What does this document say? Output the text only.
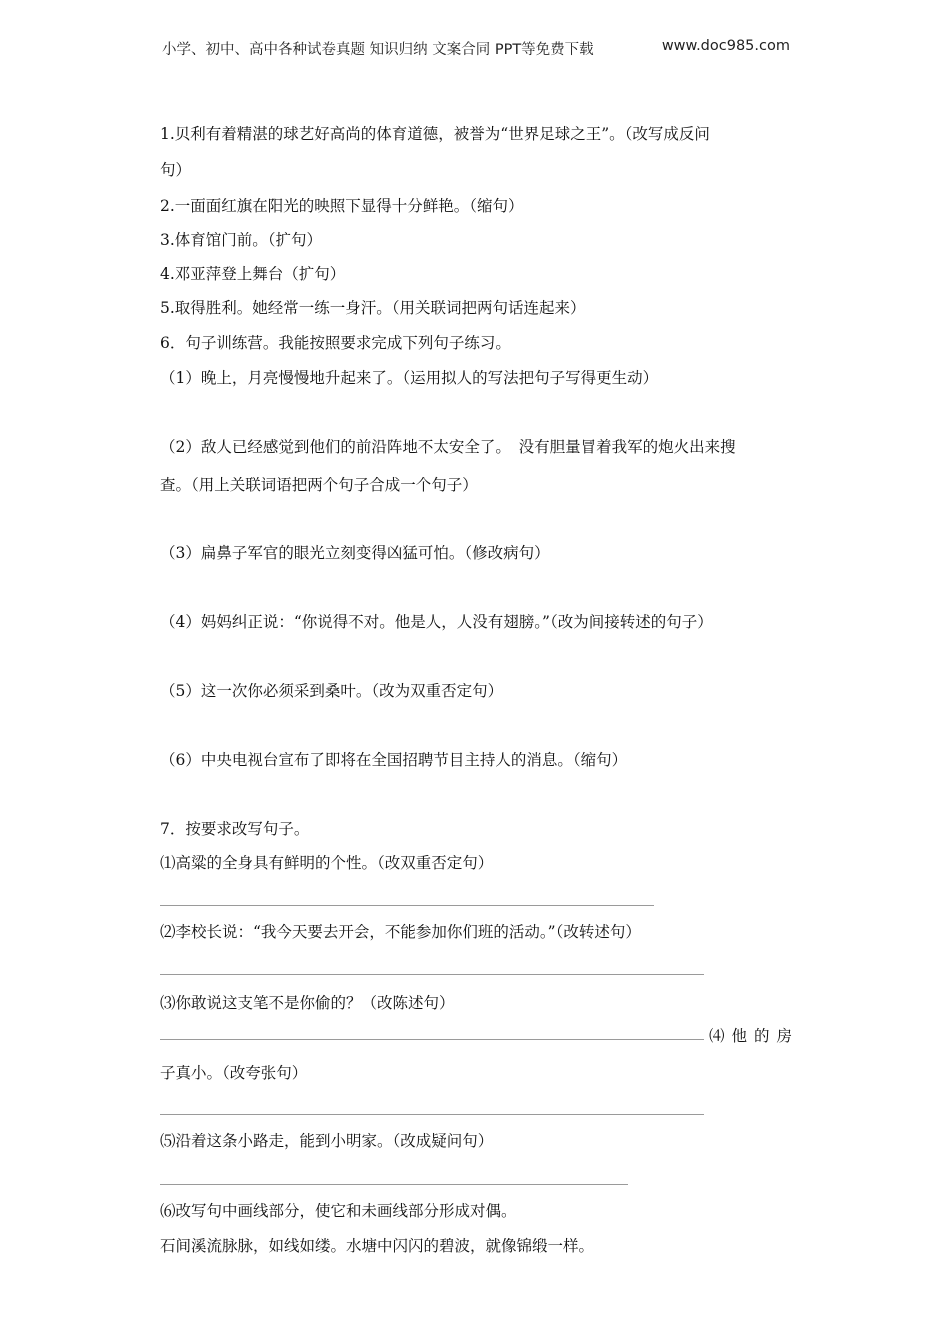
小学、初中、高中各种试卷真题 知识归纳 文案合同 PPT等免费下载	www.doc985.com
1.贝利有着精湛的球艺好高尚的体育道德，被誉为“世界足球之王”。（改写成反问
句）
2.一面面红旗在阳光的映照下显得十分鲜艳。（缩句）
3.体育馆门前。（扩句）
4.邓亚萍登上舞台（扩句）
5.取得胜利。她经常一练一身汗。（用关联词把两句话连起来）
6．句子训练营。我能按照要求完成下列句子练习。
（1）晚上，月亮慢慢地升起来了。（运用拟人的写法把句子写得更生动）
（2）敌人已经感觉到他们的前沿阵地不太安全了。　没有胆量冒着我军的炮火出来搜
查。（用上关联词语把两个句子合成一个句子）
（3）扁鼻子军官的眼光立刻变得凶猛可怕。（修改病句）
（4）妈妈纠正说：“你说得不对。他是人，人没有翅膀。”（改为间接转述的句子）
（5）这一次你必须采到桑叶。（改为双重否定句）
（6）中央电视台宣布了即将在全国招聘节目主持人的消息。（缩句）
7．按要求改写句子。
⑴高粱的全身具有鲜明的个性。（改双重否定句）
⑵李校长说：“我今天要去开会，不能参加你们班的活动。”（改转述句）
⑶你敢说这支笔不是你偷的？（改陈述句）
⑷他的房
子真小。（改夸张句）
⑸沿着这条小路走，能到小明家。（改成疑问句）
⑹改写句中画线部分，使它和未画线部分形成对偶。
石间溪流脉脉，如线如缕。水塘中闪闪的碧波，就像锦缎一样。
